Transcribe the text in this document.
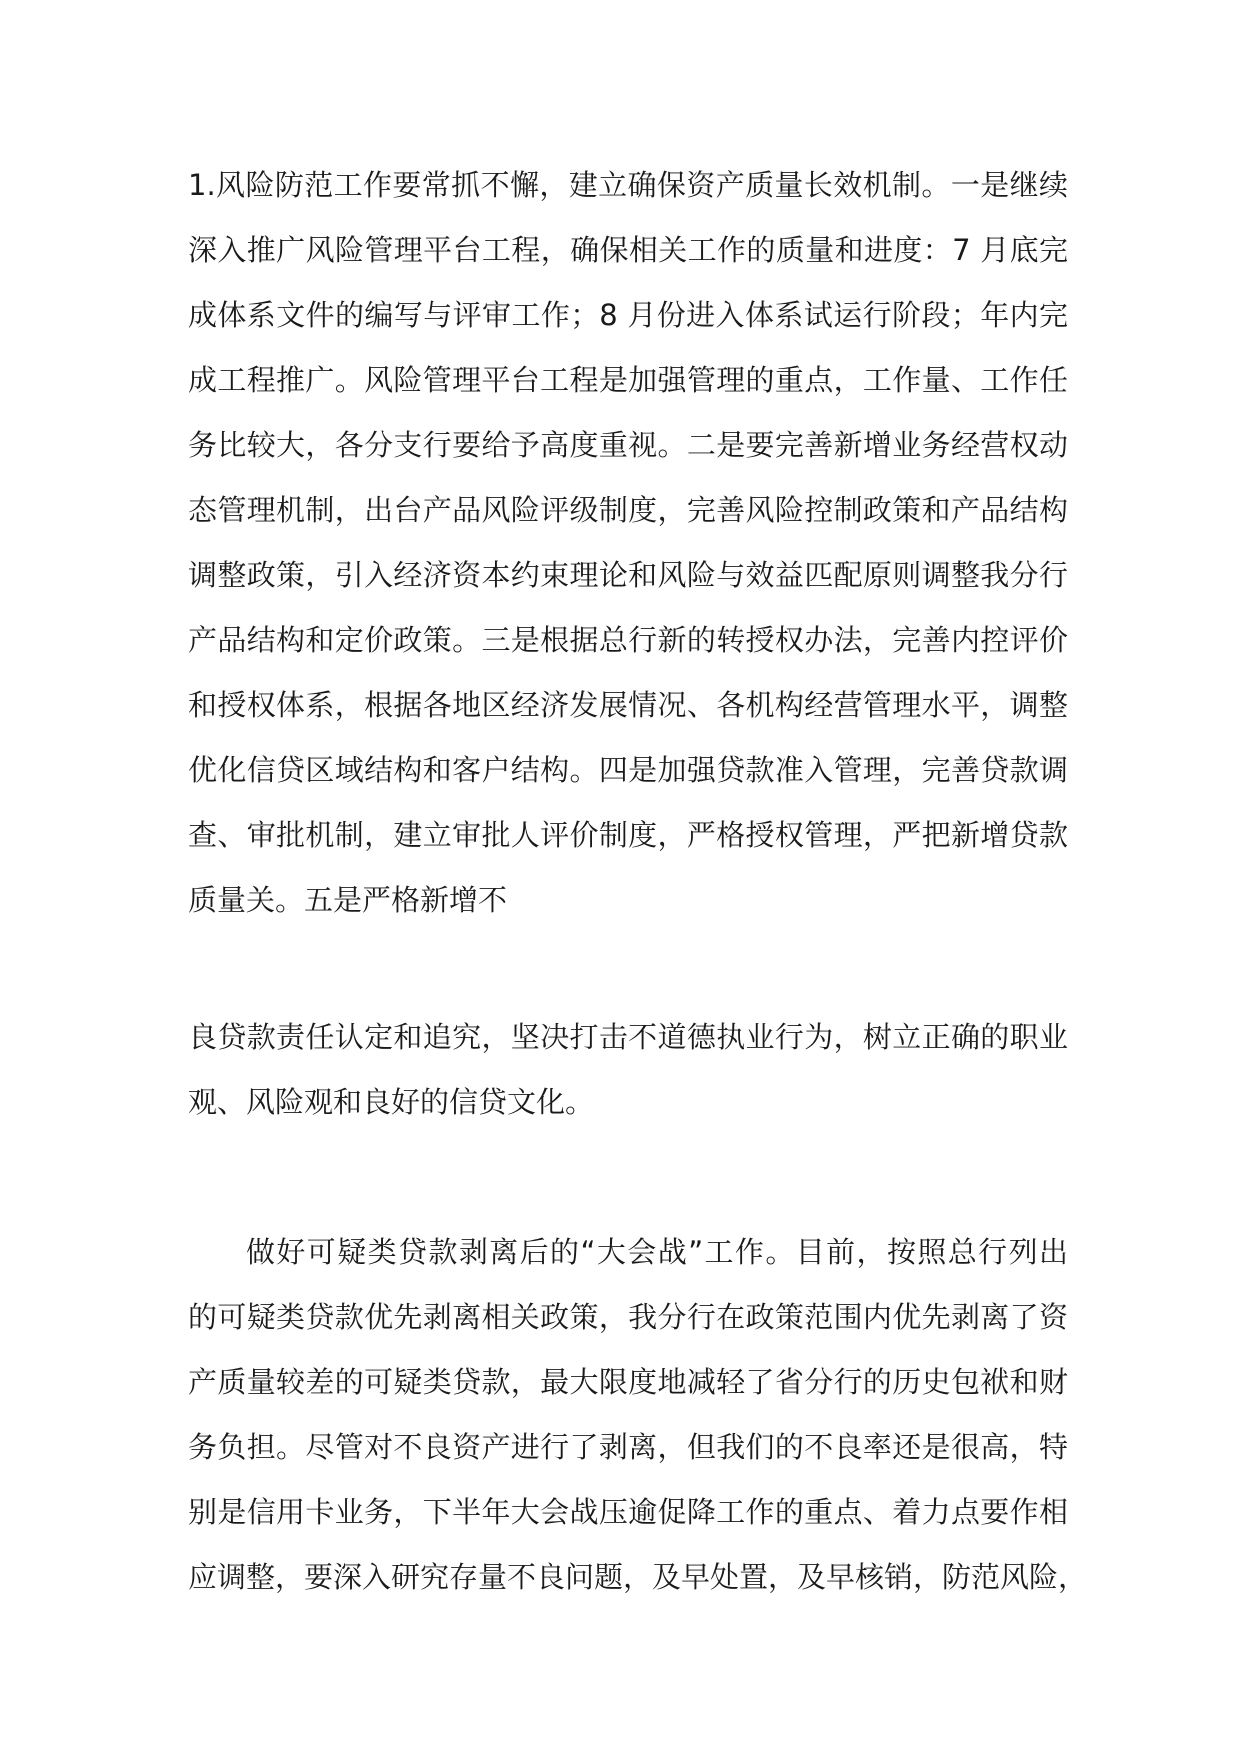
1.风险防范工作要常抓不懈，建立确保资产质量长效机制。一是继续
深入推广风险管理平台工程，确保相关工作的质量和进度：7 月底完
成体系文件的编写与评审工作；8 月份进入体系试运行阶段；年内完
成工程推广。风险管理平台工程是加强管理的重点，工作量、工作任
务比较大，各分支行要给予高度重视。二是要完善新增业务经营权动
态管理机制，出台产品风险评级制度，完善风险控制政策和产品结构
调整政策，引入经济资本约束理论和风险与效益匹配原则调整我分行
产品结构和定价政策。三是根据总行新的转授权办法，完善内控评价
和授权体系，根据各地区经济发展情况、各机构经营管理水平，调整
优化信贷区域结构和客户结构。四是加强贷款准入管理，完善贷款调
查、审批机制，建立审批人评价制度，严格授权管理，严把新增贷款
质量关。五是严格新增不

良贷款责任认定和追究，坚决打击不道德执业行为，树立正确的职业
观、风险观和良好的信贷文化。

做好可疑类贷款剥离后的“大会战”工作。目前，按照总行列出
的可疑类贷款优先剥离相关政策，我分行在政策范围内优先剥离了资
产质量较差的可疑类贷款，最大限度地减轻了省分行的历史包袱和财
务负担。尽管对不良资产进行了剥离，但我们的不良率还是很高，特
别是信用卡业务，下半年大会战压逾促降工作的重点、着力点要作相
应调整，要深入研究存量不良问题，及早处置，及早核销，防范风险，
